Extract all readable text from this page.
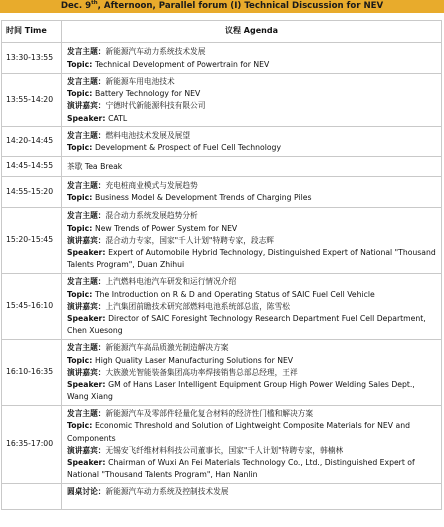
Dec. 9th, Afternoon, Parallel forum (I) Technical Discussion for NEV
时间 Time	议程 Agenda
13:30-13:55	发言主题：新能源汽车动力系统技术发展
Topic: Technical Development of Powertrain for NEV

13:55-14:20	发言主题：新能源车用电池技术
Topic: Battery Technology for NEV
演讲嘉宾：宁德时代新能源科技有限公司
Speaker: CATL

14:20-14:45	发言主题：燃料电池技术发展及展望
Topic: Development & Prospect of Fuel Cell Technology

14:45-14:55	茶歇 Tea Break
14:55-15:20	发言主题：充电桩商业模式与发展趋势
Topic: Business Model & Development Trends of Charging Piles

15:20-15:45	发言主题：混合动力系统发展趋势分析
Topic: New Trends of Power System for NEV
演讲嘉宾：混合动力专家，国家"千人计划"特聘专家，段志辉
Speaker: Expert of Automobile Hybrid Technology, Distinguished Expert of National "Thousand Talents Program", Duan Zhihui

15:45-16:10	发言主题：上汽燃料电池汽车研发和运行情况介绍
Topic: The Introduction on R & D and Operating Status of SAIC Fuel Cell Vehicle
演讲嘉宾：上汽集团前瞻技术研究部燃料电池系统部总监，陈雪松
Speaker: Director of SAIC Foresight Technology Research Department Fuel Cell Department, Chen Xuesong

16:10-16:35	发言主题：新能源汽车高品质激光制造解决方案
Topic: High Quality Laser Manufacturing Solutions for NEV
演讲嘉宾：大族激光智能装备集团高功率焊接销售总部总经理，王祥
Speaker: GM of Hans Laser Intelligent Equipment Group High Power Welding Sales Dept., Wang Xiang

16:35-17:00	发言主题：新能源汽车及零部件轻量化复合材料的经济性门槛和解决方案
Topic: Economic Threshold and Solution of Lightweight Composite Materials for NEV and Components
演讲嘉宾：无锡安飞纤维材料科技公司董事长，国家"千人计划"特聘专家，韩楠林
Speaker: Chairman of Wuxi An Fei Materials Technology Co., Ltd., Distinguished Expert of National "Thousand Talents Program", Han Nanlin

	圆桌讨论：新能源汽车动力系统及控制技术发展
